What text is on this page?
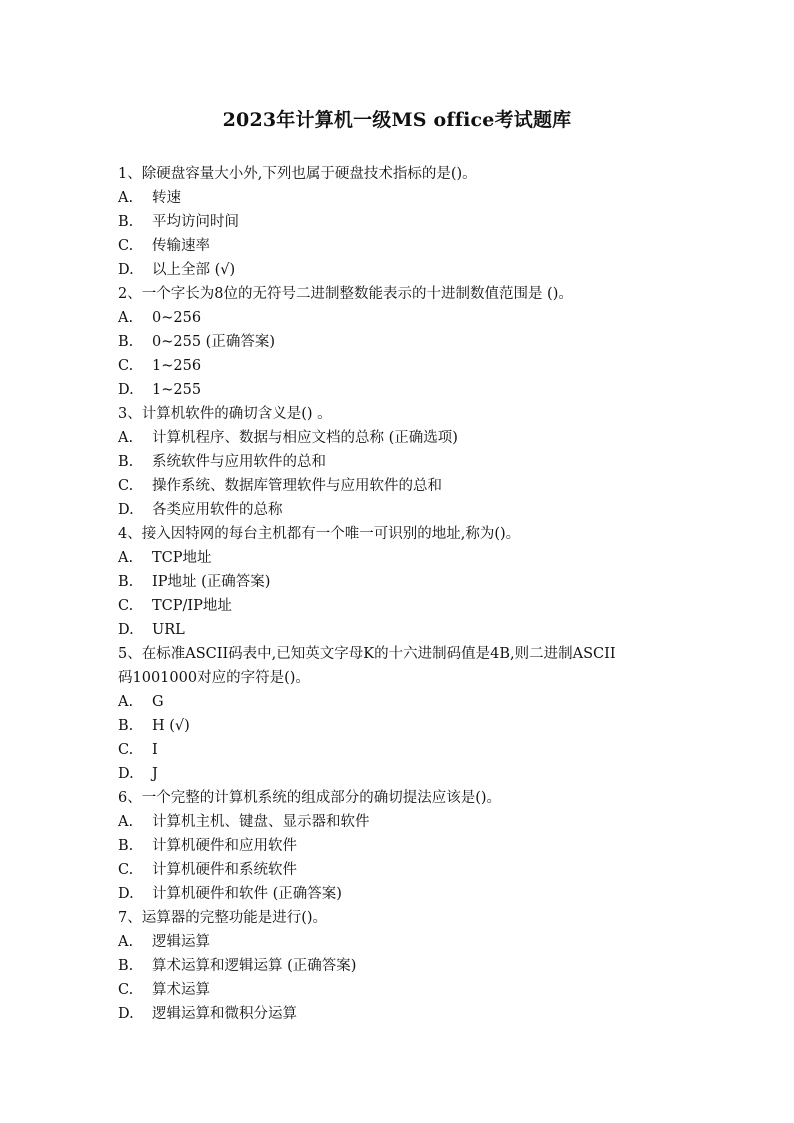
2023年计算机一级MS office考试题库
1、除硬盘容量大小外,下列也属于硬盘技术指标的是()。
A.	转速
B.	平均访问时间
C.	传输速率
D.	以上全部 (√)
2、一个字长为8位的无符号二进制整数能表示的十进制数值范围是 ()。
A.	0~256
B.	0~255 (正确答案)
C.	1~256
D.	1~255
3、计算机软件的确切含义是() 。
A.	计算机程序、数据与相应文档的总称 (正确选项)
B.	系统软件与应用软件的总和
C.	操作系统、数据库管理软件与应用软件的总和
D.	各类应用软件的总称
4、接入因特网的每台主机都有一个唯一可识别的地址,称为()。
A.	TCP地址
B.	IP地址 (正确答案)
C.	TCP/IP地址
D.	URL
5、在标准ASCII码表中,已知英文字母K的十六进制码值是4B,则二进制ASCII
码1001000对应的字符是()。
A.	G
B.	H (√)
C.	I
D.	J
6、一个完整的计算机系统的组成部分的确切提法应该是()。
A.	计算机主机、键盘、显示器和软件
B.	计算机硬件和应用软件
C.	计算机硬件和系统软件
D.	计算机硬件和软件 (正确答案)
7、运算器的完整功能是进行()。
A.	逻辑运算
B.	算术运算和逻辑运算 (正确答案)
C.	算术运算
D.	逻辑运算和微积分运算
